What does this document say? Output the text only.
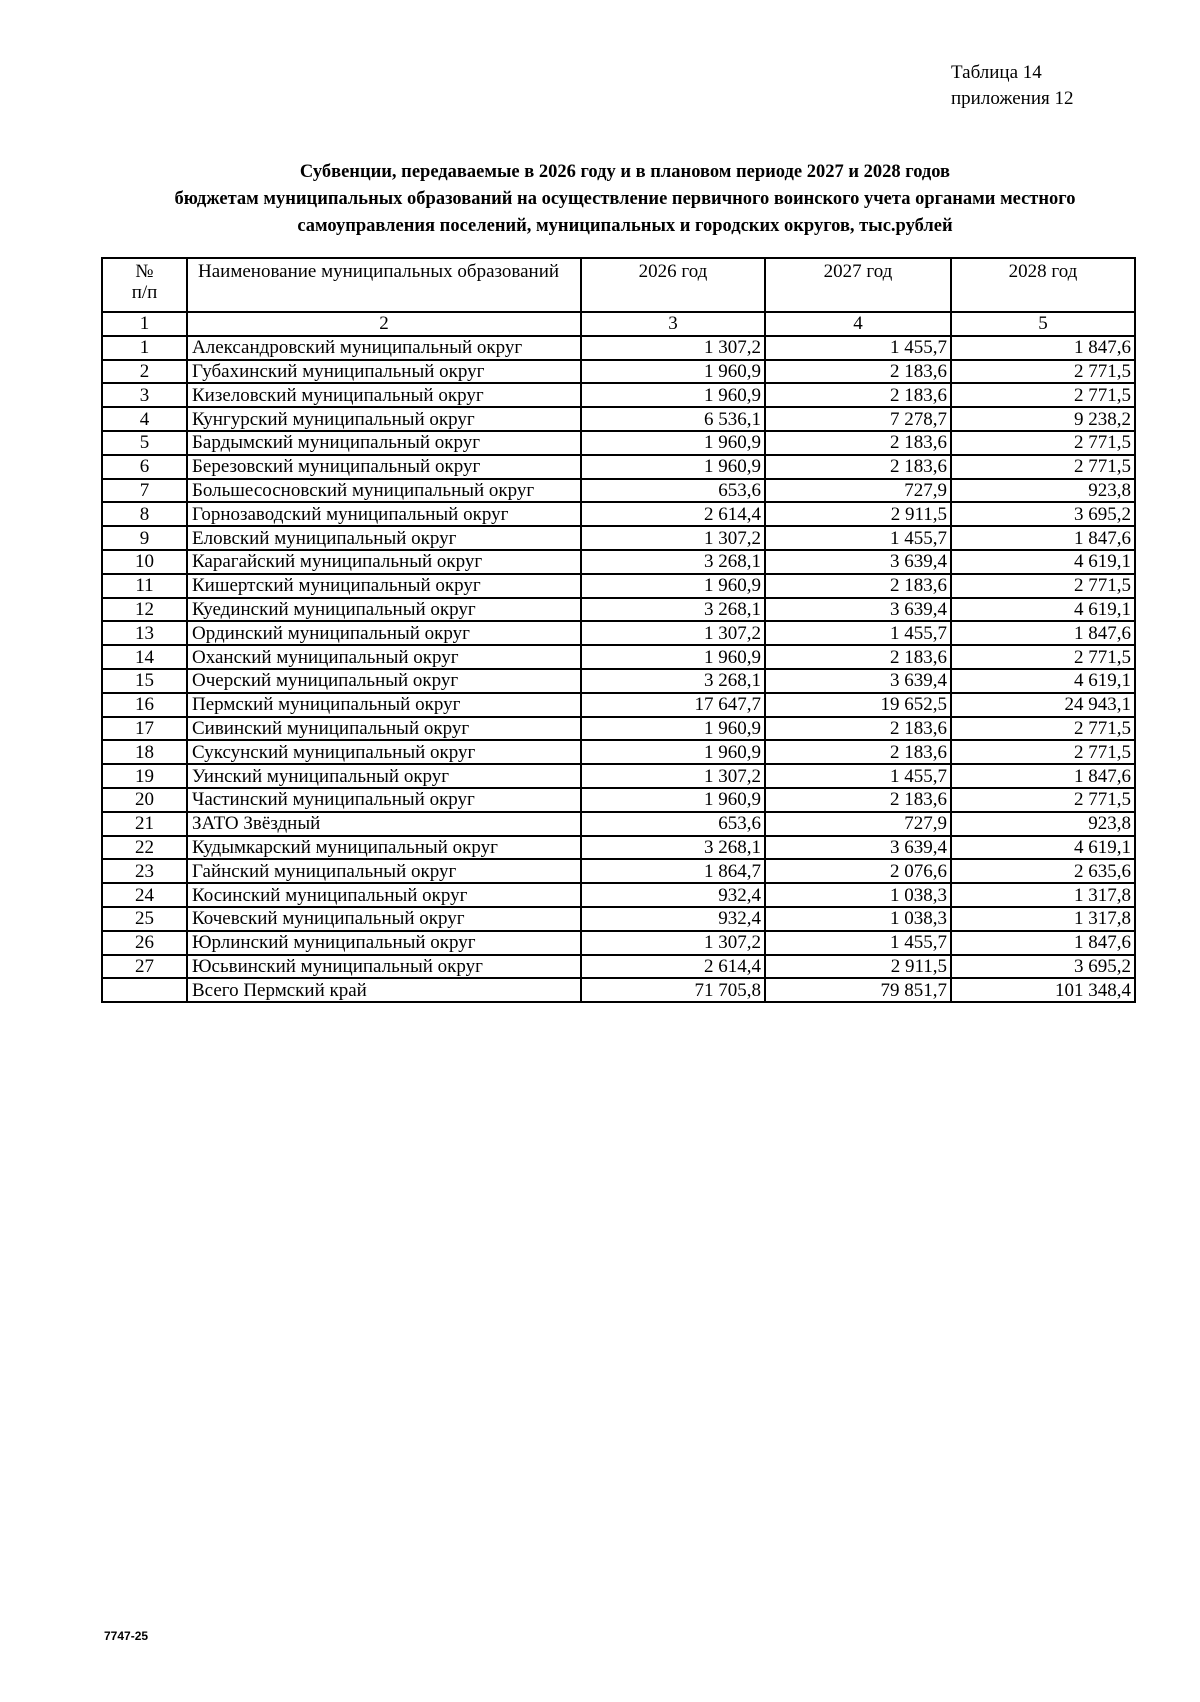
Таблица 14
приложения 12
Субвенции, передаваемые в 2026 году и в плановом периоде 2027 и 2028 годов
бюджетам муниципальных образований на осуществление первичного воинского учета органами местного
самоуправления поселений, муниципальных и городских округов, тыс.рублей
№
п/п	Наименование муниципальных образований	2026 год	2027 год	2028 год
1	2	3	4	5
1	Александровский муниципальный округ	1 307,2	1 455,7	1 847,6
2	Губахинский муниципальный округ	1 960,9	2 183,6	2 771,5
3	Кизеловский муниципальный округ	1 960,9	2 183,6	2 771,5
4	Кунгурский муниципальный округ	6 536,1	7 278,7	9 238,2
5	Бардымский муниципальный округ	1 960,9	2 183,6	2 771,5
6	Березовский муниципальный округ	1 960,9	2 183,6	2 771,5
7	Большесосновский муниципальный округ	653,6	727,9	923,8
8	Горнозаводский муниципальный округ	2 614,4	2 911,5	3 695,2
9	Еловский муниципальный округ	1 307,2	1 455,7	1 847,6
10	Карагайский муниципальный округ	3 268,1	3 639,4	4 619,1
11	Кишертский муниципальный округ	1 960,9	2 183,6	2 771,5
12	Куединский муниципальный округ	3 268,1	3 639,4	4 619,1
13	Ординский муниципальный округ	1 307,2	1 455,7	1 847,6
14	Оханский муниципальный округ	1 960,9	2 183,6	2 771,5
15	Очерский муниципальный округ	3 268,1	3 639,4	4 619,1
16	Пермский муниципальный округ	17 647,7	19 652,5	24 943,1
17	Сивинский муниципальный округ	1 960,9	2 183,6	2 771,5
18	Суксунский муниципальный округ	1 960,9	2 183,6	2 771,5
19	Уинский муниципальный округ	1 307,2	1 455,7	1 847,6
20	Частинский муниципальный округ	1 960,9	2 183,6	2 771,5
21	ЗАТО Звёздный	653,6	727,9	923,8
22	Кудымкарский муниципальный округ	3 268,1	3 639,4	4 619,1
23	Гайнский муниципальный округ	1 864,7	2 076,6	2 635,6
24	Косинский муниципальный округ	932,4	1 038,3	1 317,8
25	Кочевский муниципальный округ	932,4	1 038,3	1 317,8
26	Юрлинский муниципальный округ	1 307,2	1 455,7	1 847,6
27	Юсьвинский муниципальный округ	2 614,4	2 911,5	3 695,2
	Всего Пермский край	71 705,8	79 851,7	101 348,4
7747-25
